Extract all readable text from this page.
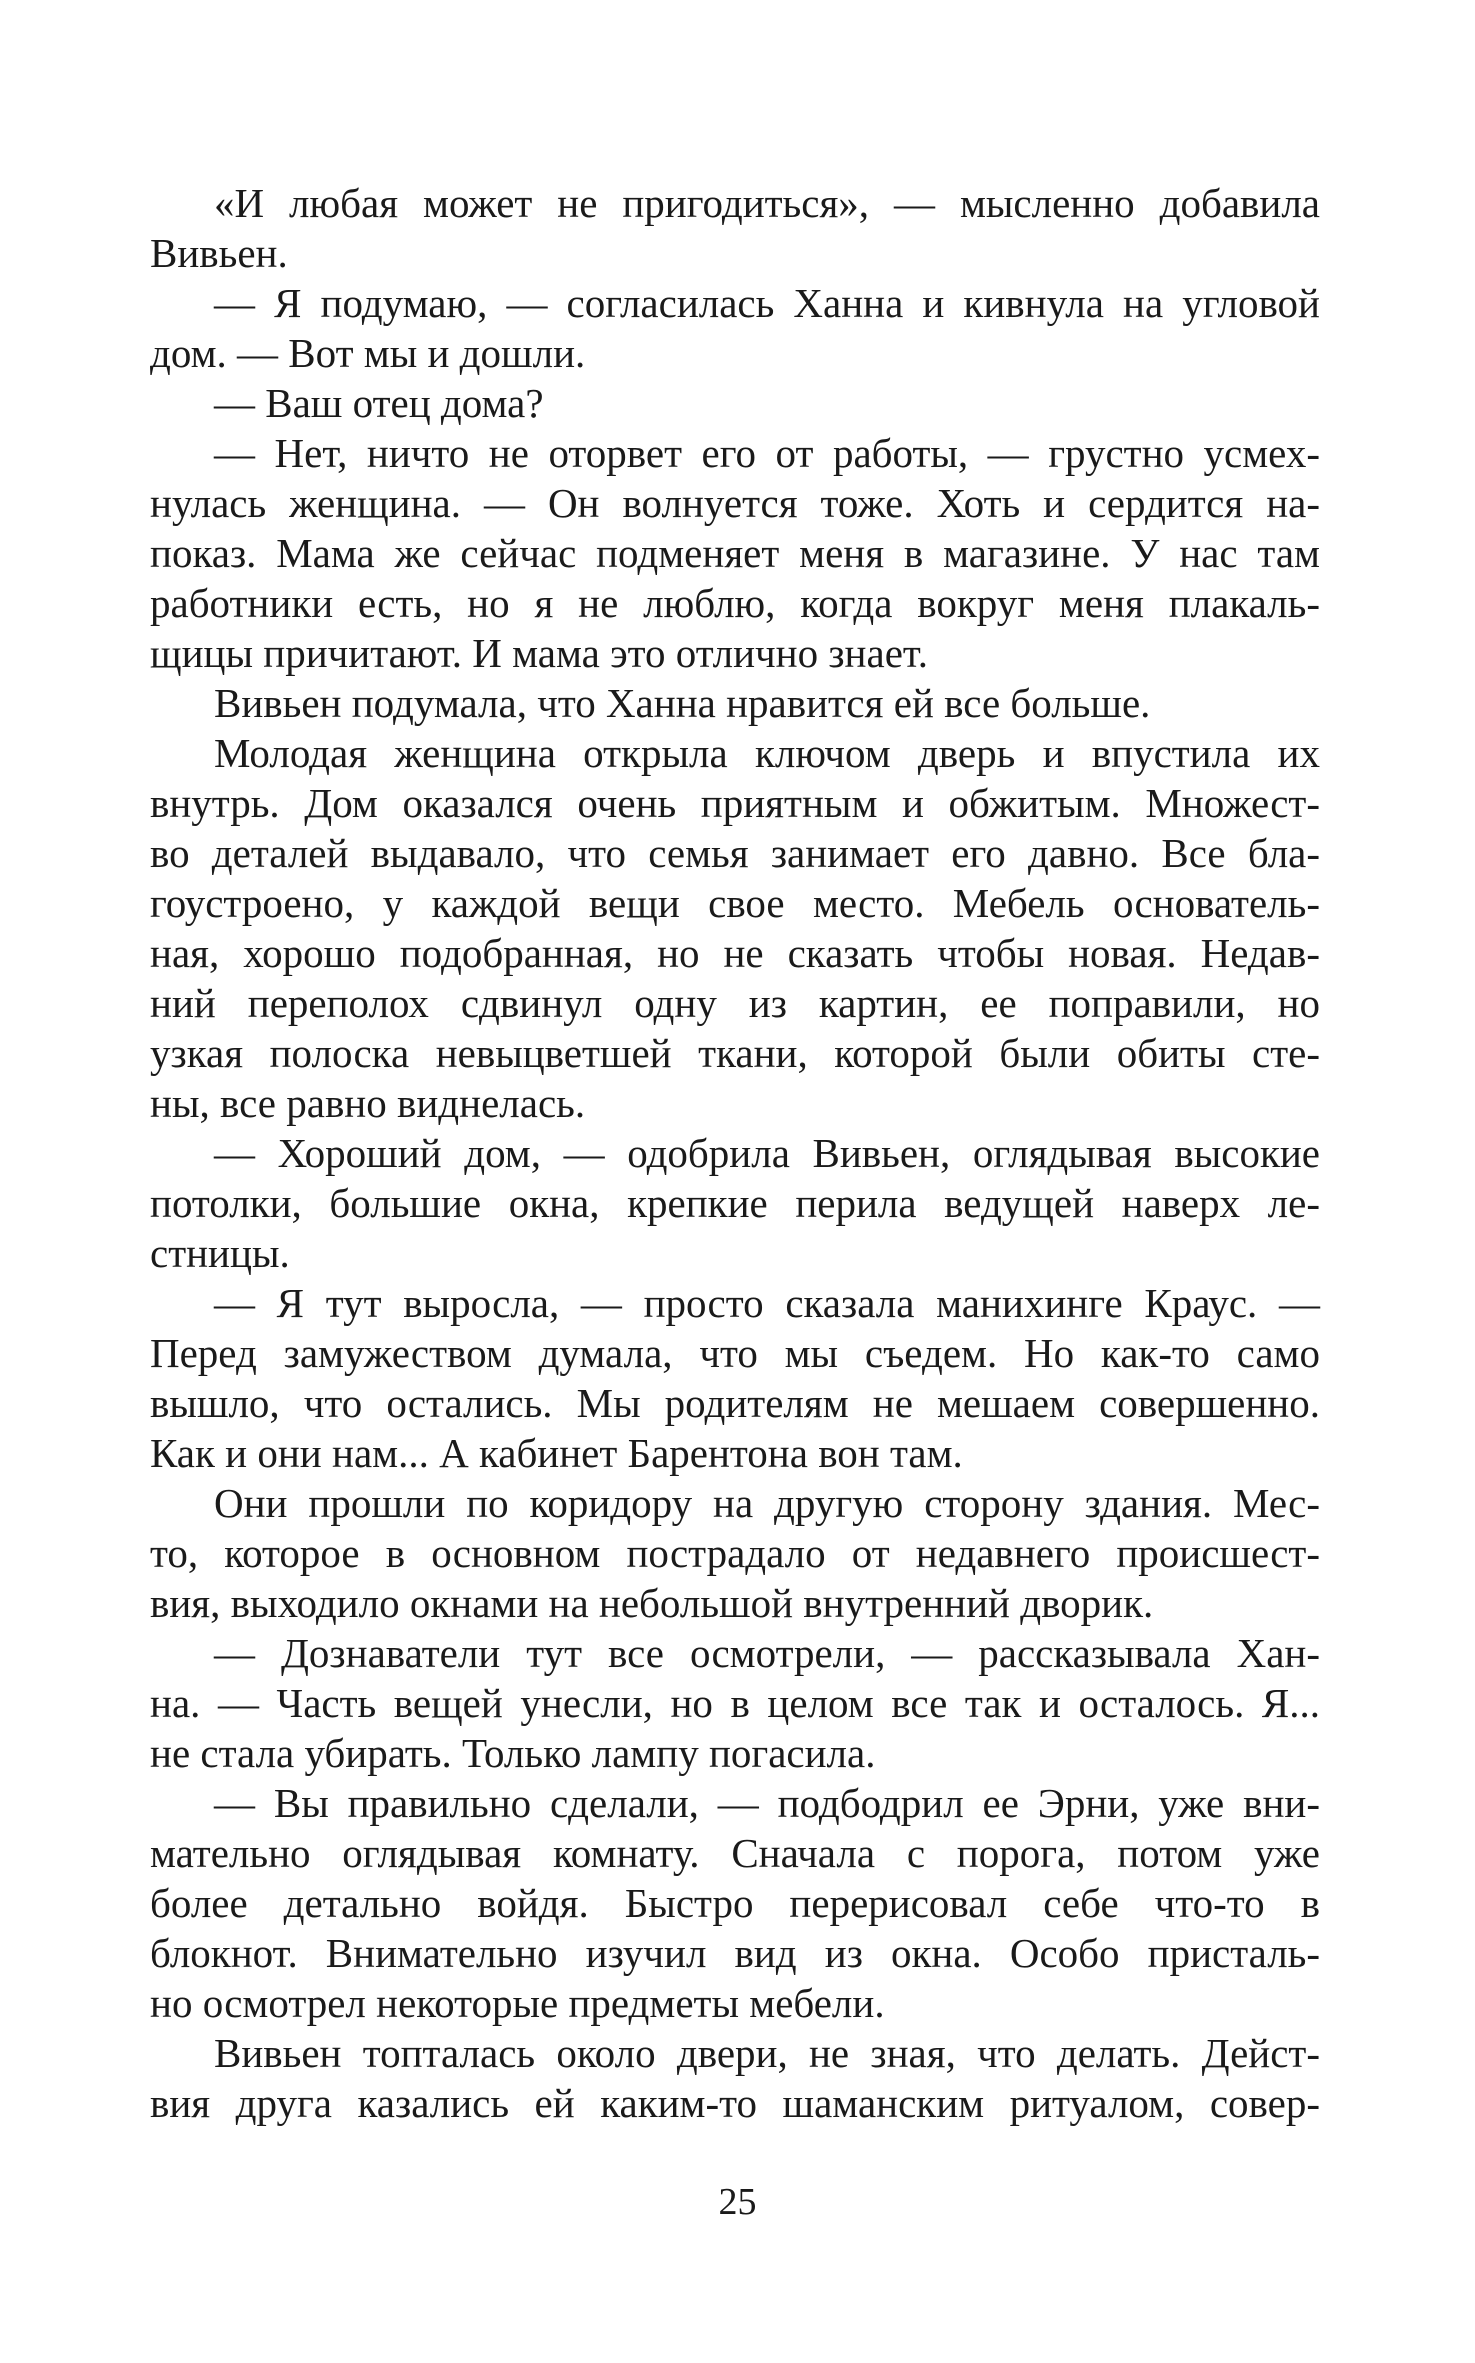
«И любая может не пригодиться», — мысленно добавила
Вивьен.
— Я подумаю, — согласилась Ханна и кивнула на угловой
дом. — Вот мы и дошли.
— Ваш отец дома?
— Нет, ничто не оторвет его от работы, — грустно усмех-
нулась женщина. — Он волнуется тоже. Хоть и сердится на-
показ. Мама же сейчас подменяет меня в магазине. У нас там
работники есть, но я не люблю, когда вокруг меня плакаль-
щицы причитают. И мама это отлично знает.
Вивьен подумала, что Ханна нравится ей все больше.
Молодая женщина открыла ключом дверь и впустила их
внутрь. Дом оказался очень приятным и обжитым. Множест-
во деталей выдавало, что семья занимает его давно. Все бла-
гоустроено, у каждой вещи свое место. Мебель основатель-
ная, хорошо подобранная, но не сказать чтобы новая. Недав-
ний переполох сдвинул одну из картин, ее поправили, но
узкая полоска невыцветшей ткани, которой были обиты сте-
ны, все равно виднелась.
— Хороший дом, — одобрила Вивьен, оглядывая высокие
потолки, большие окна, крепкие перила ведущей наверх ле-
стницы.
— Я тут выросла, — просто сказала манихинге Краус. —
Перед замужеством думала, что мы съедем. Но как-то само
вышло, что остались. Мы родителям не мешаем совершенно.
Как и они нам... А кабинет Барентона вон там.
Они прошли по коридору на другую сторону здания. Мес-
то, которое в основном пострадало от недавнего происшест-
вия, выходило окнами на небольшой внутренний дворик.
— Дознаватели тут все осмотрели, — рассказывала Хан-
на. — Часть вещей унесли, но в целом все так и осталось. Я...
не стала убирать. Только лампу погасила.
— Вы правильно сделали, — подбодрил ее Эрни, уже вни-
мательно оглядывая комнату. Сначала с порога, потом уже
более детально войдя. Быстро перерисовал себе что-то в
блокнот. Внимательно изучил вид из окна. Особо присталь-
но осмотрел некоторые предметы мебели.
Вивьен топталась около двери, не зная, что делать. Дейст-
вия друга казались ей каким-то шаманским ритуалом, совер-
25
